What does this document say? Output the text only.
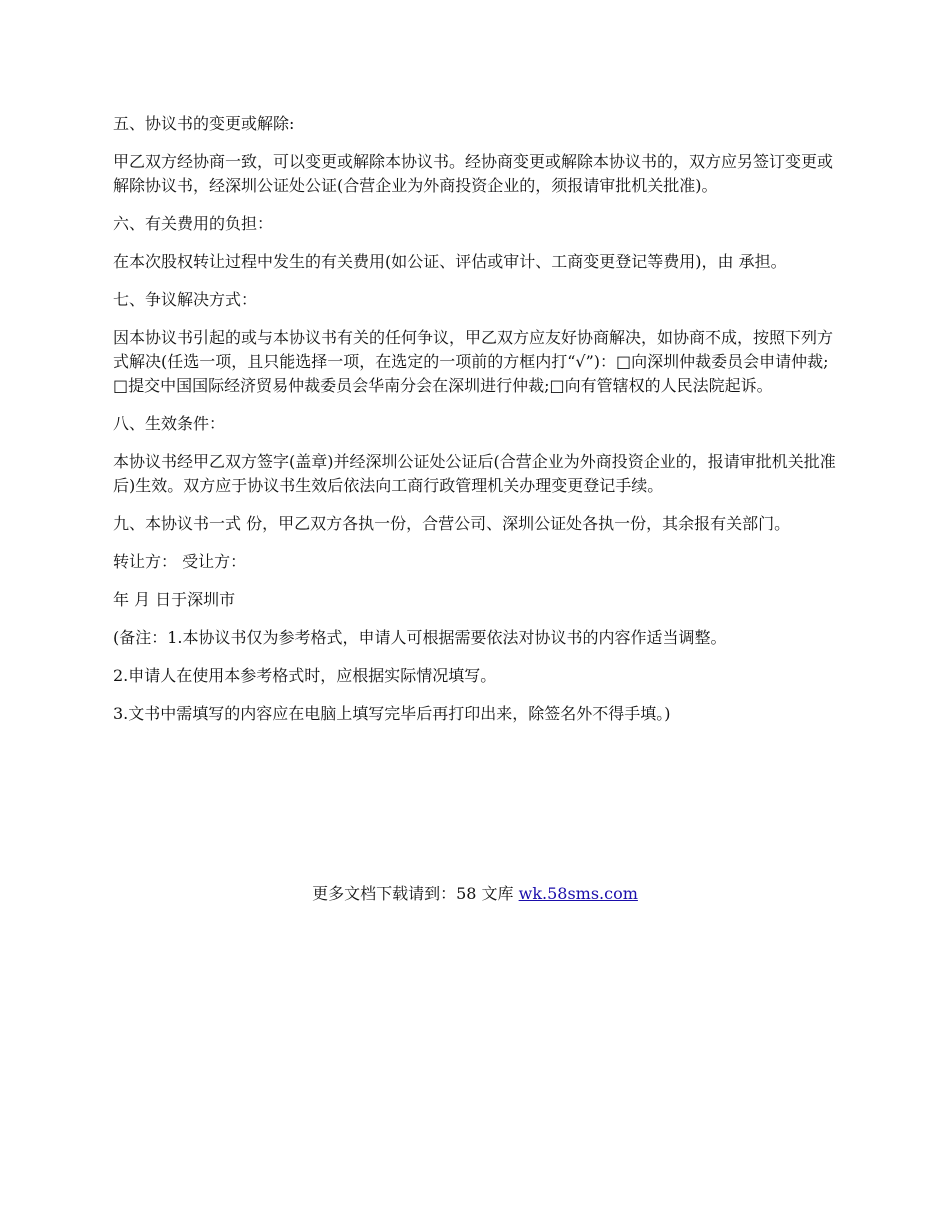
五、协议书的变更或解除:

甲乙双方经协商一致，可以变更或解除本协议书。经协商变更或解除本协议书的，双方应另签订变更或解除协议书，经深圳公证处公证(合营企业为外商投资企业的，须报请审批机关批准)。

六、有关费用的负担：

在本次股权转让过程中发生的有关费用(如公证、评估或审计、工商变更登记等费用)，由 承担。

七、争议解决方式：

因本协议书引起的或与本协议书有关的任何争议，甲乙双方应友好协商解决，如协商不成，按照下列方式解决(任选一项，且只能选择一项，在选定的一项前的方框内打“√”)：□向深圳仲裁委员会申请仲裁;□提交中国国际经济贸易仲裁委员会华南分会在深圳进行仲裁;□向有管辖权的人民法院起诉。

八、生效条件：

本协议书经甲乙双方签字(盖章)并经深圳公证处公证后(合营企业为外商投资企业的，报请审批机关批准后)生效。双方应于协议书生效后依法向工商行政管理机关办理变更登记手续。

九、本协议书一式 份，甲乙双方各执一份，合营公司、深圳公证处各执一份，其余报有关部门。

转让方： 受让方：

年 月 日于深圳市

(备注：1.本协议书仅为参考格式，申请人可根据需要依法对协议书的内容作适当调整。

2.申请人在使用本参考格式时，应根据实际情况填写。

3.文书中需填写的内容应在电脑上填写完毕后再打印出来，除签名外不得手填。)

更多文档下载请到：58 文库 wk.58sms.com
